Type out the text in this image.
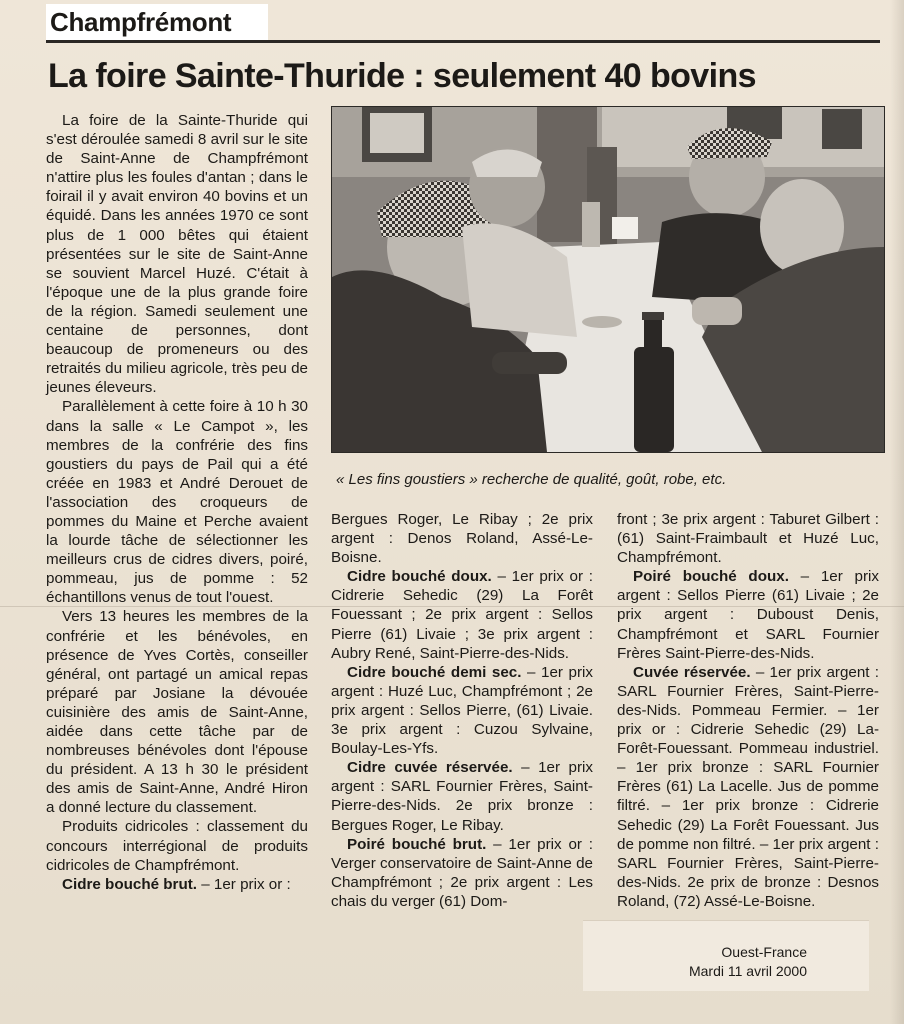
Champfrémont
La foire Sainte-Thuride : seulement 40 bovins
« Les fins goustiers » recherche de qualité, goût, robe, etc.

La foire de la Sainte-Thuride qui s'est déroulée samedi 8 avril sur le site de Saint-Anne de Champfrémont n'attire plus les foules d'antan ; dans le foirail il y avait environ 40 bovins et un équidé. Dans les années 1970 ce sont plus de 1 000 bêtes qui étaient présentées sur le site de Saint-Anne se souvient Marcel Huzé. C'était à l'époque une de la plus grande foire de la région. Samedi seulement une centaine de personnes, dont beaucoup de promeneurs ou des retraités du milieu agricole, très peu de jeunes éleveurs.

Parallèlement à cette foire à 10 h 30 dans la salle « Le Campot », les membres de la confrérie des fins goustiers du pays de Pail qui a été créée en 1983 et André Derouet de l'association des croqueurs de pommes du Maine et Perche avaient la lourde tâche de sélectionner les meilleurs crus de cidres divers, poiré, pommeau, jus de pomme : 52 échantillons venus de tout l'ouest.

Vers 13 heures les membres de la confrérie et les bénévoles, en présence de Yves Cortès, conseiller général, ont partagé un amical repas préparé par Josiane la dévouée cuisinière des amis de Saint-Anne, aidée dans cette tâche par de nombreuses bénévoles dont l'épouse du président. A 13 h 30 le président des amis de Saint-Anne, André Hiron a donné lecture du classement.

Produits cidricoles : classement du concours interrégional de produits cidricoles de Champfrémont.

Cidre bouché brut. – 1er prix or :

Bergues Roger, Le Ribay ; 2e prix argent : Denos Roland, Assé-Le-Boisne.

Cidre bouché doux. – 1er prix or : Cidrerie Sehedic (29) La Forêt Fouessant ; 2e prix argent : Sellos Pierre (61) Livaie ; 3e prix argent : Aubry René, Saint-Pierre-des-Nids.

Cidre bouché demi sec. – 1er prix argent : Huzé Luc, Champfrémont ; 2e prix argent : Sellos Pierre, (61) Livaie. 3e prix argent : Cuzou Sylvaine, Boulay-Les-Yfs.

Cidre cuvée réservée. – 1er prix argent : SARL Fournier Frères, Saint-Pierre-des-Nids. 2e prix bronze : Bergues Roger, Le Ribay.

Poiré bouché brut. – 1er prix or : Verger conservatoire de Saint-Anne de Champfrémont ; 2e prix argent : Les chais du verger (61) Dom-

front ; 3e prix argent : Taburet Gilbert : (61) Saint-Fraimbault et Huzé Luc, Champfrémont.

Poiré bouché doux. – 1er prix argent : Sellos Pierre (61) Livaie ; 2e prix argent : Duboust Denis, Champfrémont et SARL Fournier Frères Saint-Pierre-des-Nids.

Cuvée réservée. – 1er prix argent : SARL Fournier Frères, Saint-Pierre-des-Nids. Pommeau Fermier. – 1er prix or : Cidrerie Sehedic (29) La-Forêt-Fouessant. Pommeau industriel. – 1er prix bronze : SARL Fournier Frères (61) La Lacelle. Jus de pomme filtré. – 1er prix bronze : Cidrerie Sehedic (29) La Forêt Fouessant. Jus de pomme non filtré. – 1er prix argent : SARL Fournier Frères, Saint-Pierre-des-Nids. 2e prix de bronze : Desnos Roland, (72) Assé-Le-Boisne.

Ouest-France
Mardi 11 avril 2000
